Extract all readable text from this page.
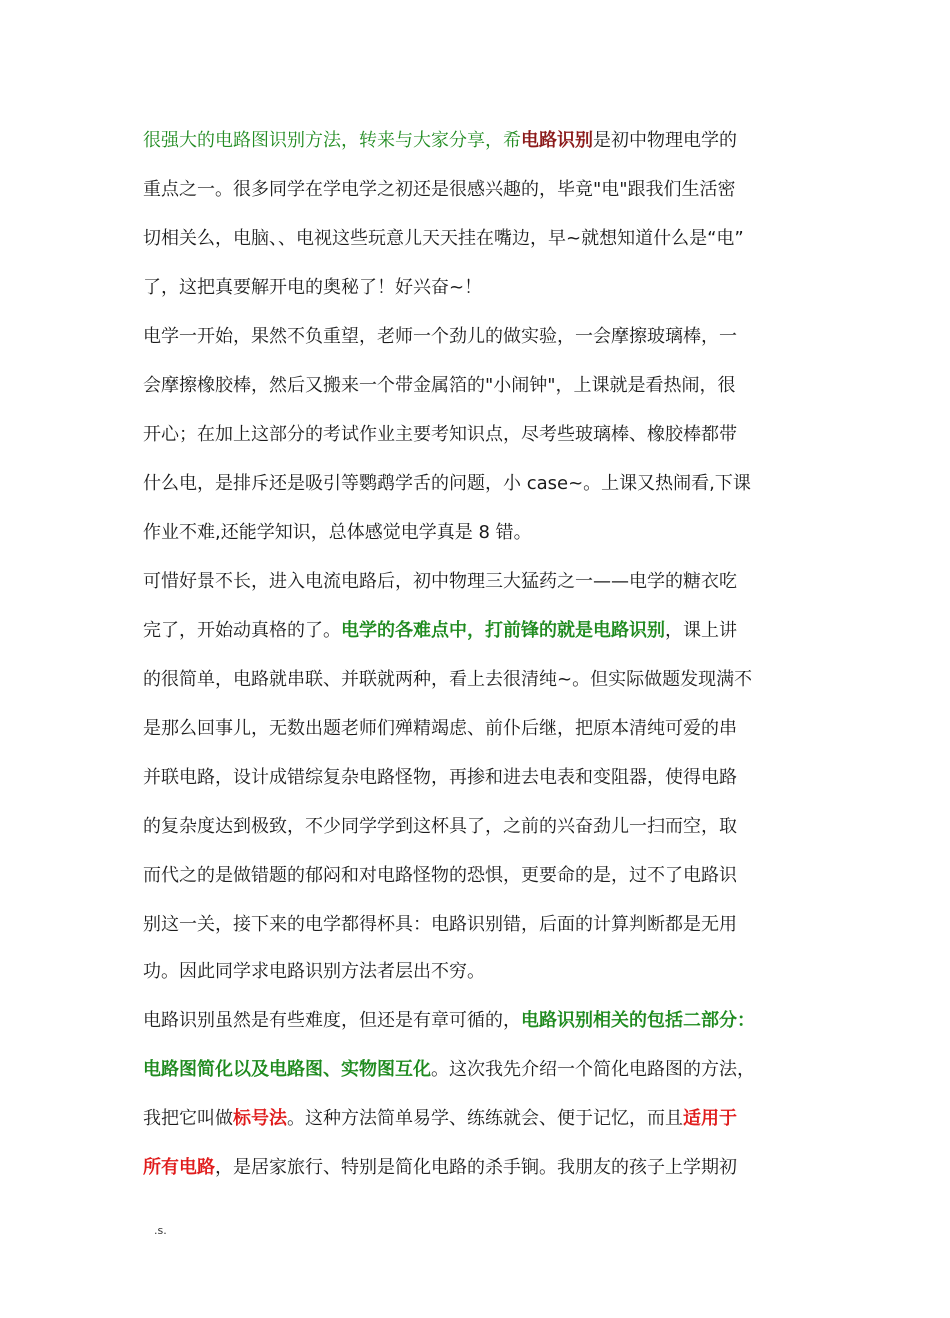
很强大的电路图识别方法，转来与大家分享，希电路识别是初中物理电学的
重点之一。很多同学在学电学之初还是很感兴趣的，毕竟"电"跟我们生活密
切相关么，电脑、、电视这些玩意儿天天挂在嘴边，早~就想知道什么是“电”
了，这把真要解开电的奥秘了！好兴奋~！
电学一开始，果然不负重望，老师一个劲儿的做实验，一会摩擦玻璃棒，一
会摩擦橡胶棒，然后又搬来一个带金属箔的"小闹钟"，上课就是看热闹，很
开心；在加上这部分的考试作业主要考知识点，尽考些玻璃棒、橡胶棒都带
什么电，是排斥还是吸引等鹦鹉学舌的问题，小 case~。上课又热闹看,下课
作业不难,还能学知识，总体感觉电学真是 8 错。
可惜好景不长，进入电流电路后，初中物理三大猛药之一——电学的糖衣吃
完了，开始动真格的了。电学的各难点中，打前锋的就是电路识别，课上讲
的很简单，电路就串联、并联就两种，看上去很清纯~。但实际做题发现满不
是那么回事儿，无数出题老师们殚精竭虑、前仆后继，把原本清纯可爱的串
并联电路，设计成错综复杂电路怪物，再掺和进去电表和变阻器，使得电路
的复杂度达到极致，不少同学学到这杯具了，之前的兴奋劲儿一扫而空，取
而代之的是做错题的郁闷和对电路怪物的恐惧，更要命的是，过不了电路识
别这一关，接下来的电学都得杯具：电路识别错，后面的计算判断都是无用
功。因此同学求电路识别方法者层出不穷。
电路识别虽然是有些难度，但还是有章可循的，电路识别相关的包括二部分：
电路图简化以及电路图、实物图互化。这次我先介绍一个简化电路图的方法，
我把它叫做标号法。这种方法简单易学、练练就会、便于记忆，而且适用于
所有电路，是居家旅行、特别是简化电路的杀手锏。我朋友的孩子上学期初
.s.
